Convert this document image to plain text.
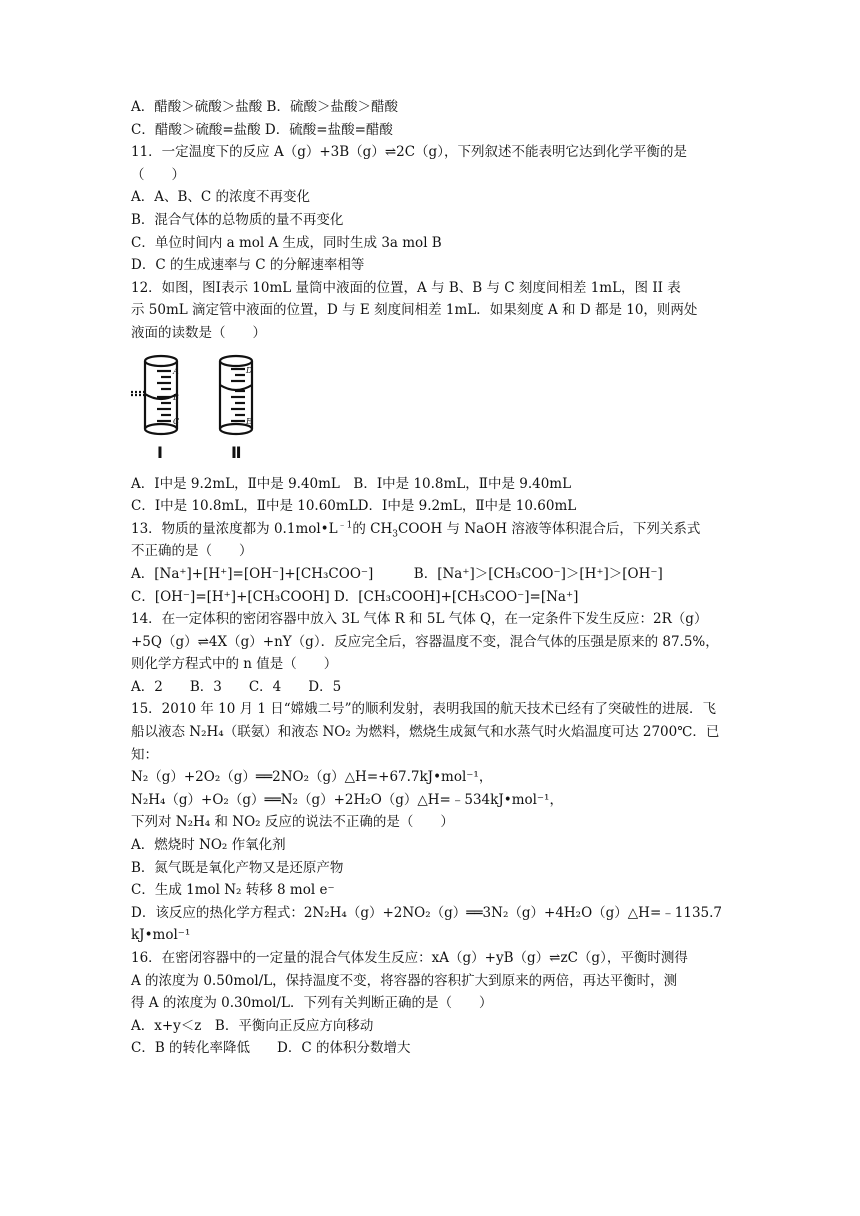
A．醋酸＞硫酸＞盐酸 B．硫酸＞盐酸＞醋酸
C．醋酸＞硫酸=盐酸 D．硫酸=盐酸=醋酸
11．一定温度下的反应 A（g）+3B（g）⇌2C（g），下列叙述不能表明它达到化学平衡的是
（　　）
A．A、B、C 的浓度不再变化
B．混合气体的总物质的量不再变化
C．单位时间内 a mol A 生成，同时生成 3a mol B
D．C 的生成速率与 C 的分解速率相等
12．如图，图Ⅰ表示 10mL 量筒中液面的位置，A 与 B、B 与 C 刻度间相差 1mL，图 II 表
示 50mL 滴定管中液面的位置，D 与 E 刻度间相差 1mL．如果刻度 A 和 D 都是 10，则两处
液面的读数是（　　）
A
B
C
D
E
Ⅰ	Ⅱ
A．Ⅰ中是 9.2mL，Ⅱ中是 9.40mL　B．Ⅰ中是 10.8mL，Ⅱ中是 9.40mL
C．Ⅰ中是 10.8mL，Ⅱ中是 10.60mLD．Ⅰ中是 9.2mL，Ⅱ中是 10.60mL
13．物质的量浓度都为 $0.1mol•L^{﹣1}$的 $CH_3COOH$ 与 NaOH 溶液等体积混合后，下列关系式
不正确的是（　　）
A．[Na⁺]+[H⁺]=[OH⁻]+[CH₃COO⁻]　　　	B．[Na⁺]＞[CH₃COO⁻]＞[H⁺]＞[OH⁻]
C．[OH⁻]=[H⁺]+[CH₃COOH] D．[CH₃COOH]+[CH₃COO⁻]=[Na⁺]
14．在一定体积的密闭容器中放入 3L 气体 R 和 5L 气体 Q，在一定条件下发生反应：2R（g）
+5Q（g）⇌4X（g）+nY（g）．反应完全后，容器温度不变，混合气体的压强是原来的 87.5%，
则化学方程式中的 n 值是（　　）
A．2　　B．3　　C．4　　D．5
15．2010 年 10 月 1 日“嫦娥二号”的顺利发射，表明我国的航天技术已经有了突破性的进展．飞
船以液态 N₂H₄（联氨）和液态 NO₂ 为燃料，燃烧生成氮气和水蒸气时火焰温度可达 2700℃．已
知：
N₂（g）+2O₂（g）══2NO₂（g）△H=+67.7kJ•mol⁻¹，
N₂H₄（g）+O₂（g）══N₂（g）+2H₂O（g）△H=﹣534kJ•mol⁻¹，
下列对 N₂H₄ 和 NO₂ 反应的说法不正确的是（　　）
A．燃烧时 NO₂ 作氧化剂
B．氮气既是氧化产物又是还原产物
C．生成 1mol N₂ 转移 8 mol e⁻
D．该反应的热化学方程式：2N₂H₄（g）+2NO₂（g）══3N₂（g）+4H₂O（g）△H=﹣1135.7
kJ•mol⁻¹
16．在密闭容器中的一定量的混合气体发生反应：xA（g）+yB（g）⇌zC（g），平衡时测得
A 的浓度为 0.50mol/L，保持温度不变，将容器的容积扩大到原来的两倍，再达平衡时，测
得 A 的浓度为 0.30mol/L．下列有关判断正确的是（　　）
A．x+y＜z　B．平衡向正反应方向移动
C．B 的转化率降低　　D．C 的体积分数增大
